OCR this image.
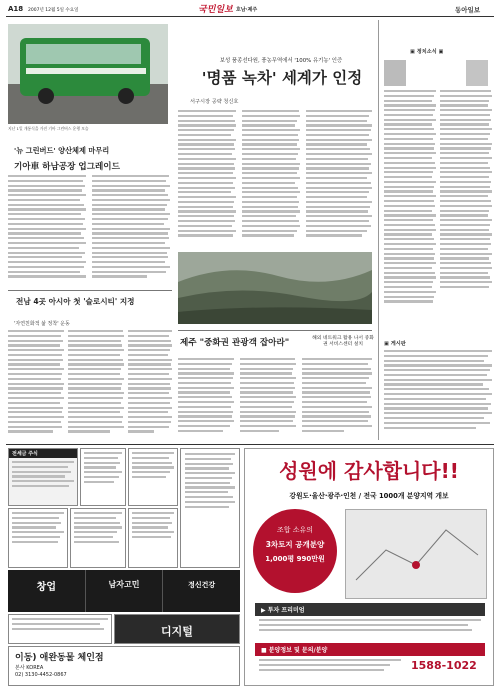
A18 2007년 12월 5일 수요일	국민일보 호남·제주	동아일보
보성 품종선다원, 풍농무역에서 '100% 유기농' 인증
'명품 녹차' 세계가 인정
서구시장 공략 청신호
지난 1일 개통식을 가진 기아 그린버스 운행 모습
'뉴 그린버드' 양산체제 마무리
기아車 하남공장 업그레이드
전남 4곳 아시아 첫 '슬로시티' 지정
'자연친화적 삶 정착' 운동
제주 "중화권 관광객 잡아라"	해외 네트워크 활용 나서 중화권 서비스센터 설치
▣ 정치소식 ▣
▣ 게시판
전세금 주식
창업	남자고민	정신건강
디지털
이동) 애완동물 체인점
본사 KOREA
02) 3130-4452-0867
성원에 감사합니다!!
강원도·울산·광주·인천 / 전국 1000개 분양지역 개보
조합 소유의
3차토지 공개분양
1,000평 990만원
▶ 투자 프리미엄
■ 분양정보 및 문의/분양
1588-1022
